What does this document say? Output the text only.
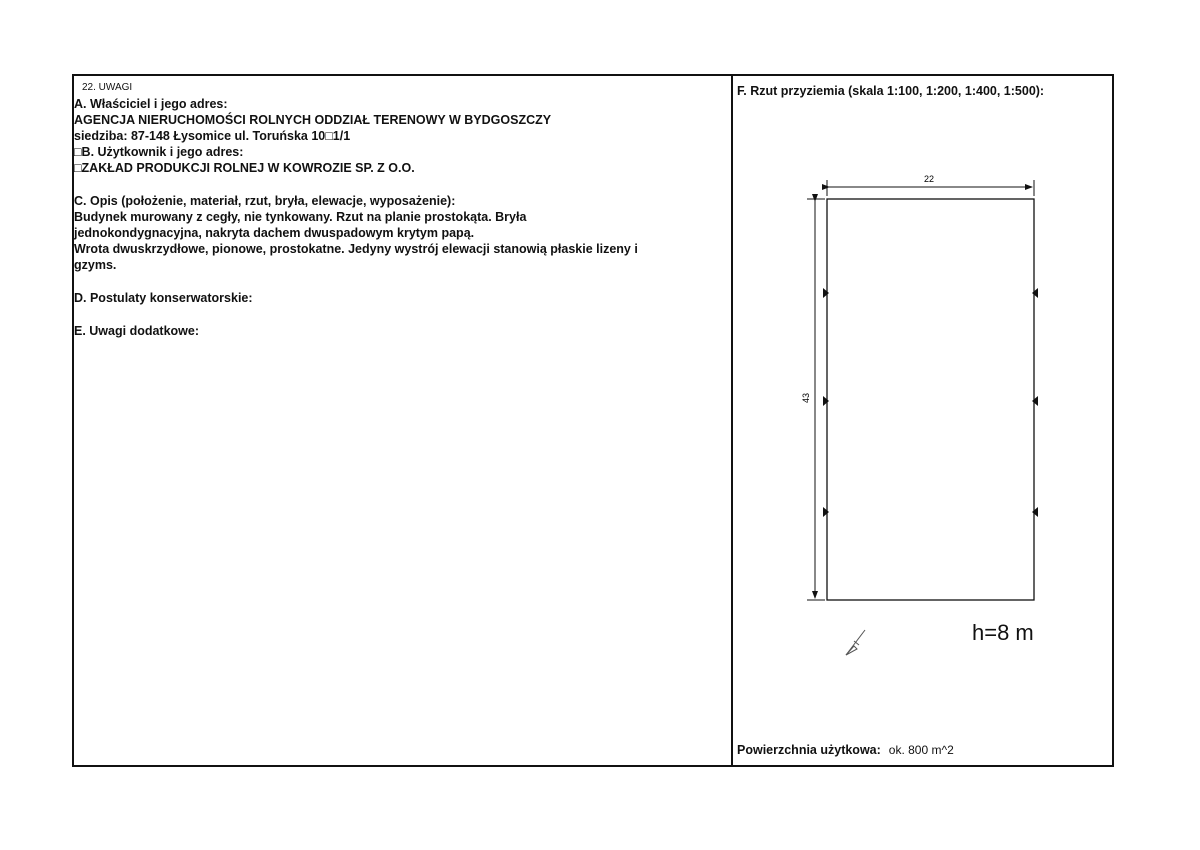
22. UWAGI
A. Właściciel i jego adres:
AGENCJA NIERUCHOMOŚCI ROLNYCH ODDZIAŁ TERENOWY W BYDGOSZCZY
siedziba: 87-148 Łysomice ul. Toruńska 10□1/1
□B. Użytkownik i jego adres:
□ZAKŁAD PRODUKCJI ROLNEJ W KOWROZIE SP. Z O.O.
C. Opis (położenie, materiał, rzut, bryła, elewacje, wyposażenie):
Budynek murowany z cegły, nie tynkowany. Rzut na planie prostokąta. Bryła
jednokondygnacyjna, nakryta dachem dwuspadowym krytym papą.
Wrota dwuskrzydłowe, pionowe, prostokatne. Jedyny wystrój elewacji stanowią płaskie lizeny i
gzyms.
D. Postulaty konserwatorskie:
E. Uwagi dodatkowe:
F. Rzut przyziemia (skala 1:100, 1:200, 1:400, 1:500):
22
43
h=8 m
Powierzchnia użytkowa: ok. 800 m^2
